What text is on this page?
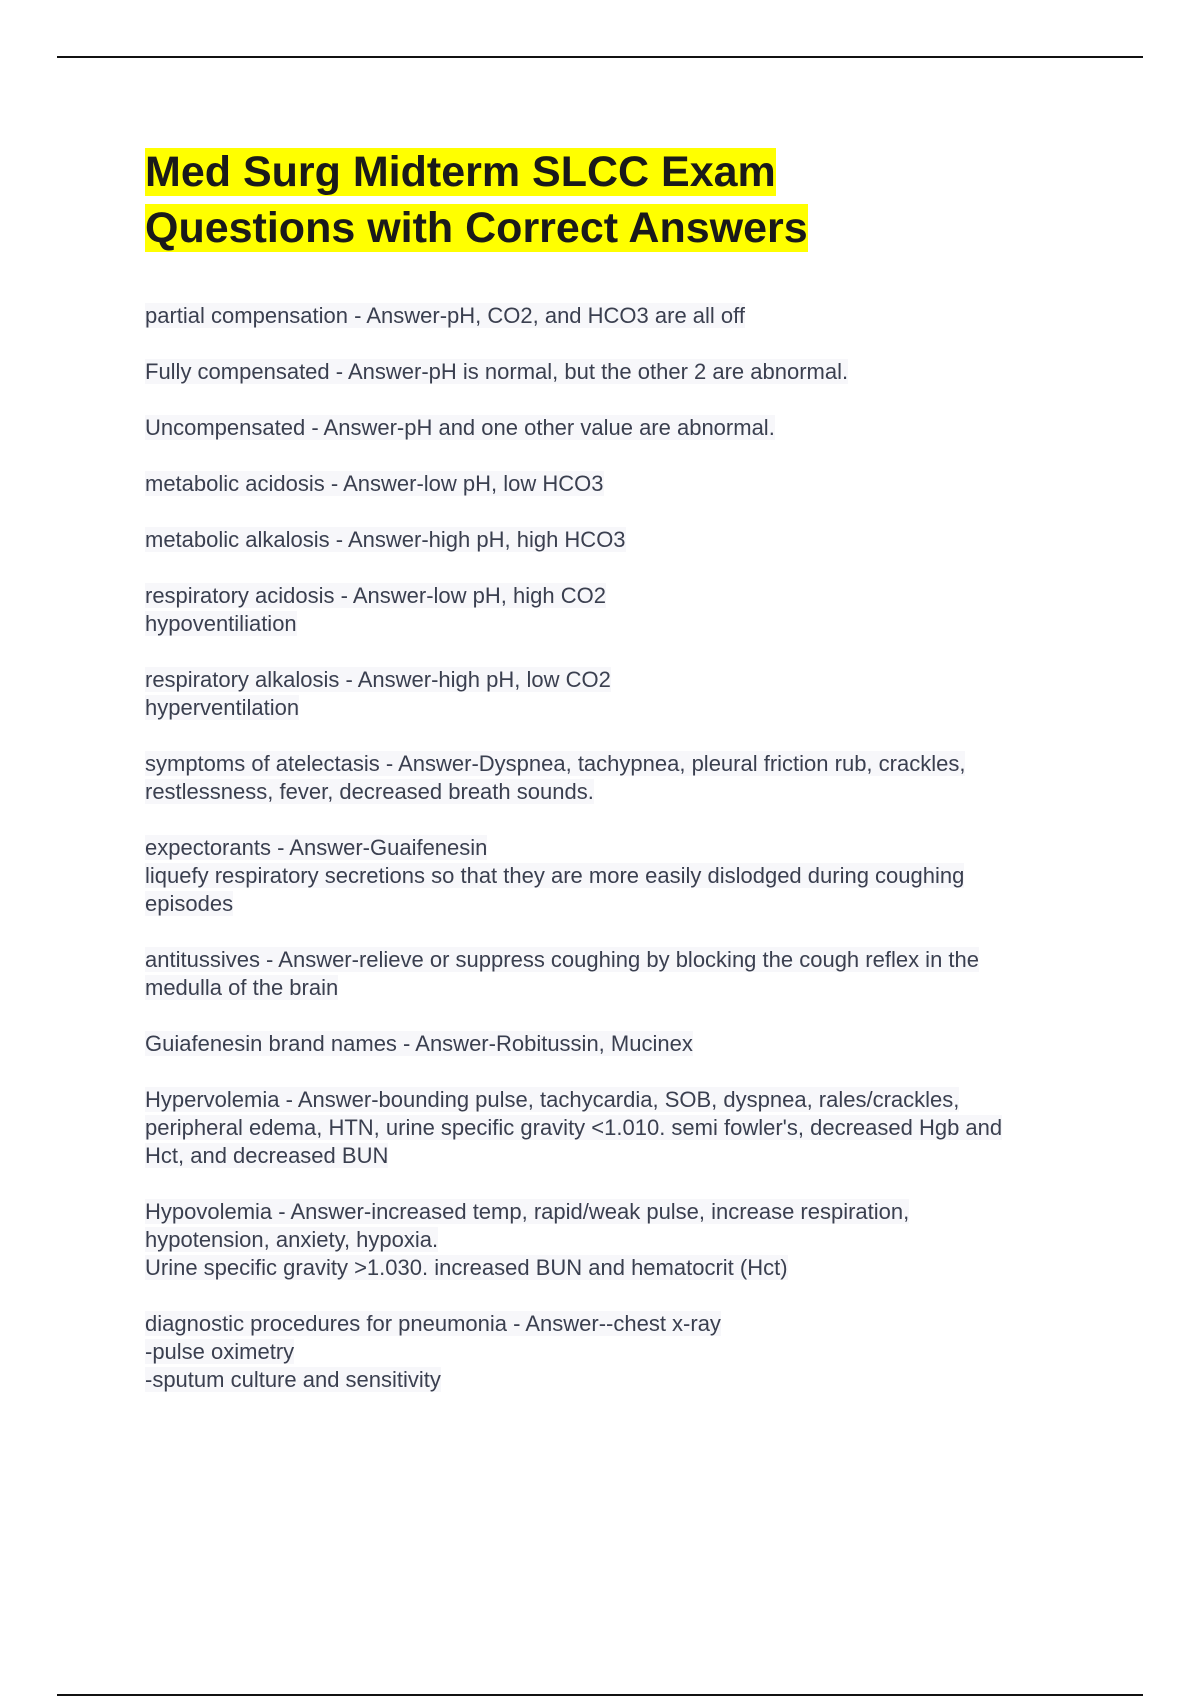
Med Surg Midterm SLCC Exam
Questions with Correct Answers
partial compensation - Answer-pH, CO2, and HCO3 are all off
Fully compensated - Answer-pH is normal, but the other 2 are abnormal.
Uncompensated - Answer-pH and one other value are abnormal.
metabolic acidosis - Answer-low pH, low HCO3
metabolic alkalosis - Answer-high pH, high HCO3
respiratory acidosis - Answer-low pH, high CO2
hypoventiliation
respiratory alkalosis - Answer-high pH, low CO2
hyperventilation
symptoms of atelectasis - Answer-Dyspnea, tachypnea, pleural friction rub, crackles,
restlessness, fever, decreased breath sounds.
expectorants - Answer-Guaifenesin
liquefy respiratory secretions so that they are more easily dislodged during coughing
episodes
antitussives - Answer-relieve or suppress coughing by blocking the cough reflex in the
medulla of the brain
Guiafenesin brand names - Answer-Robitussin, Mucinex
Hypervolemia - Answer-bounding pulse, tachycardia, SOB, dyspnea, rales/crackles,
peripheral edema, HTN, urine specific gravity <1.010. semi fowler's, decreased Hgb and
Hct, and decreased BUN
Hypovolemia - Answer-increased temp, rapid/weak pulse, increase respiration,
hypotension, anxiety, hypoxia.
Urine specific gravity >1.030. increased BUN and hematocrit (Hct)
diagnostic procedures for pneumonia - Answer--chest x-ray
-pulse oximetry
-sputum culture and sensitivity
